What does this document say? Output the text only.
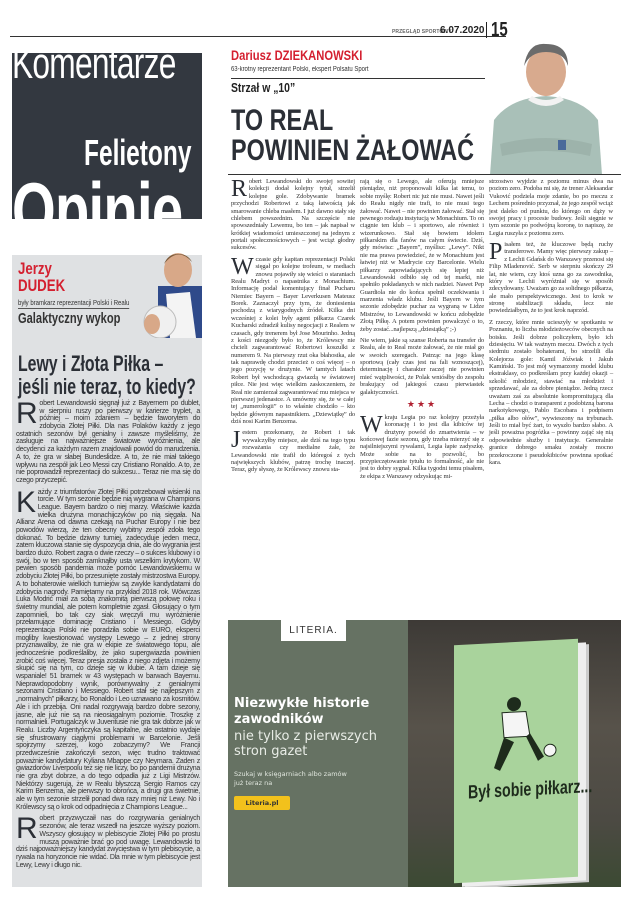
PRZEGLĄD SPORTOWY
6.07.2020 15
Komentarze
Felietony
Opinie
Jerzy
DUDEK
były bramkarz reprezentacji Polski i Realu
Galaktyczny wykop
Lewy i Złota Piłka – jeśli nie teraz, to kiedy?

Robert Lewandowski sięgnął już z Bayernem po dublet, w sierpniu ruszy po pierwszy w karierze tryplet, a później – moim zdaniem – będzie faworytem do zdobycia Złotej Piłki. Dla nas Polaków każdy z jego ostatnich sezonów był genialny i zawsze myśleliśmy, że zasługuje na najważniejsze światowe wyróżnienia, ale decydenci za każdym razem znajdowali powód do marudzenia. A to, że gra w słabej Bundeslidze. A to, że nie miał takiego wpływu na zespół jak Leo Messi czy Cristiano Ronaldo. A to, że nie poprowadził reprezentacji do sukcesu... Teraz nie ma się do czego przyczepić.

Każdy z triumfatorów Złotej Piłki potrzebował wisienki na torcie. W tym sezonie będzie nią wygrana w Champions League. Bayern bardzo o niej marzy. Właściwie każda wielka drużyna monachijczyków po nią sięgała. Na Allianz Arena od dawna czekają na Puchar Europy i nie bez powodów wierzą, że ten obecny wybitny zespół zdoła tego dokonać. To będzie dziwny turniej, zadecyduje jeden mecz, zatem kluczowa stanie się dyspozycja dnia, ale do wygrania jest bardzo dużo. Robert zagra o dwie rzeczy – o sukces klubowy i o swój, bo w ten sposób zamknąłby usta wszelkim krytykom. W pewien sposób pandemia może pomóc Lewandowskiemu w zdobyciu Złotej Piłki, bo przesunięte zostały mistrzostwa Europy. A to bohaterowie wielkich turniejów są zwykle kandydatami do zdobycia nagrody. Pamiętamy na przykład 2018 rok. Wówczas Luka Modrić miał za sobą znakomitą pierwszą połowę roku i świetny mundial, ale potem kompletnie zgasł. Głosujący o tym zapomnieli, bo tak czy siak wręczyli mu wyróżnienie przełamujące dominację Cristiano i Messiego. Gdyby reprezentacja Polski nie poradziła sobie w EURO, eksperci mogliby kwestionować występy Lewego – z jednej strony przyznawaliby, że nie gra w ekipie ze światowego topu, ale jednocześnie podkreślaliby, że jako supergwiazda powinien zrobić coś więcej. Teraz presja została z niego zdjęta i możemy skupić się na tym, co dzieje się w klubie. A tam dzieje się wspaniale! 51 bramek w 43 występach w barwach Bayernu. Nieprawdopodobny wynik, porównywalny z genialnymi sezonami Cristiano i Messiego. Robert stał się najlepszym z „normalnych” piłkarzy, bo Ronaldo i Leo uznawano za kosmitów. Ale i ich przebija. Oni nadal rozgrywają bardzo dobre sezony, jasne, ale już nie są na nieosiągalnym poziomie. Troszkę z normalnieli. Portugalczyk w Juventusie nie gra tak dobrze jak w Realu. Liczby Argentyńczyka są kapitalne, ale ostatnio wydaje się sfrustrowany ciągłymi problemami w Barcelonie. Jeśli spojrzymy szerzej, kogo zobaczymy? We Francji przedwcześnie zakończyli sezon, więc trudno traktować poważnie kandydatury Kyliana Mbappe czy Neymara. Żaden z gwiazdorów Liverpoolu też się nie liczy, bo po pandemii drużyna nie gra zbyt dobrze, a do tego odpadła już z Ligi Mistrzów. Niektórzy sugerują, że w Realu błyszczą Sergio Ramos czy Karim Benzema, ale pierwszy to obrońca, a drugi gra świetnie, ale w tym sezonie strzelił ponad dwa razy mniej niż Lewy. No i Królewscy są o krok od odpadnięcia z Champions League...

Robert przyzwyczaił nas do rozgrywania genialnych sezonów, ale teraz wszedł na jeszcze wyższy poziom. Wszyscy głosujący w plebiscycie Złotej Piłki po prostu muszą poważnie brać go pod uwagę. Lewandowski to dziś najpoważniejszy kandydat zwycięstwa w tym plebiscycie, a rywala na horyzoncie nie widać. Dla mnie w tym plebiscycie jest Lewy, Lewy i długo nic.

Dariusz DZIEKANOWSKI
63-krotny reprezentant Polski, ekspert Polsatu Sport
Strzał w „10”
TO REAL
POWINIEN ŻAŁOWAĆ

Robert Lewandowski do swojej sowitej kolekcji dodał kolejny tytuł, strzelił kolejne gole. Zdobywanie bramek przychodzi Robertowi z taką łatwością jak smarowanie chleba masłem. I już dawno stały się chlebem powszednim. Na szczęście nie spowszedniały Lewemu, bo ten – jak napisał w krótkiej wiadomości umieszczonej na jednym z portali społecznościowych – jest wciąż głodny sukcesów.

Wczasie gdy kapitan reprezentacji Polski sięgał po kolejne trofeum, w mediach znowu pojawiły się wieści o staraniach Realu Madryt o napastnika z Monachium. Informację podał komentujący finał Pucharu Niemiec Bayern – Bayer Leverkusen Mateusz Borek. Zaznaczył przy tym, że doniesienia pochodzą z wiarygodnych źródeł. Kilka dni wcześniej z kolei były agent piłkarza Czarek Kucharski zdradził kulisy negocjacji z Realem w czasach, gdy trenerem był Jose Mourinho. Jedną z kości niezgody było to, że Królewscy nie chcieli zagwarantować Robertowi koszulki z numerem 9. Na pierwszy rzut oka błahostka, ale tak naprawdę chodzi przecież o coś więcej – o jego pozycję w drużynie. W tamtych latach Robert był wschodzącą gwiazdą w światowej piłce. Nie jest więc wielkim zaskoczeniem, że Real nie zamierzał zagwarantować mu miejsca w pierwszej jedenastce. A umówmy się, że w całej tej „numerologii” o to właśnie chodziło – kto będzie głównym napastnikiem. „Dziewiątkę” do dziś nosi Karim Benzema.

Jestem przekonany, że Robert i tak wywalczyłby miejsce, ale dziś na tego typu rozważania czy medialne żale, że Lewandowski nie trafił do któregoś z tych największych klubów, patrzę trochę inaczej. Teraz, gdy słyszę, że Królewscy znowu sta-

rają się o Lewego, ale oferują mniejsze pieniądze, niż proponowali kilka lat temu, to sobie myślę: Robert nic już nie musi. Nawet jeśli do Realu nigdy nie trafi, to nie musi tego żałować. Nawet – nie powinien żałować. Stał się pewnego rodzaju instytucją w Monachium. To on ciągnie ten klub – i sportowo, ale również i wizerunkowo. Stał się bowiem idolem piłkarskim dla fanów na całym świecie. Dziś, gdy mówisz: „Bayern”, myślisz: „Lewy”. Nikt nie ma prawa powiedzieć, że w Monachium jest łatwiej niż w Madrycie czy Barcelonie. Wielu piłkarzy zapowiadających się lepiej niż Lewandowski odbiło się od tej marki, nie spełniło pokładanych w nich nadziei. Nawet Pep Guardiola nie do końca spełnił oczekiwania i marzenia władz klubu. Jeśli Bayern w tym sezonie zdobędzie puchar za wygraną w Lidze Mistrzów, to Lewandowski w końcu zdobędzie Złotą Piłkę. A potem powinien powalczyć o to, żeby zostać...najlepszą „dziesiątką” ;-)

Nie wiem, jakie są szanse Roberta na transfer do Realu, ale to Real może żałować, że nie miał go w swoich szeregach. Patrząc na jego klasę sportową (cały czas jest na fali wznoszącej), determinację i charakter raczej nie powinien mieć wątpliwości, że Polak wniósłby do zespołu brakujący od jakiegoś czasu pierwiastek galaktyczności.

★★★

Wkraju Legia po raz kolejny przeżyła koronację i to jest dla kibiców tej drużyny powód do zmartwienia – w końcowej fazie sezonu, gdy trzeba mierzyć się z najsilniejszymi rywalami, Legia łapie zadyszkę. Może sobie na to pozwolić, bo przypieczętowanie tytułu to formalność, ale nie jest to dobry sygnał. Kilka tygodni temu pisałem, że ekipa z Warszawy odzyskując mi-

strzostwo wyjdzie z poziomu minus dwa na poziom zero. Podoba mi się, że trener Aleksandar Vuković podziela moje zdanie, bo po meczu z Lechem pośrednio przyznał, że jego zespół wciąż jest daleko od punktu, do którego on dąży w swojej pracy i procesie budowy. Jeśli sięgnie w tym sezonie po podwójną koronę, to napiszę, że Legia ruszyła z poziomu zero.

Pisałem też, że kluczowe będą ruchy transferowe. Mamy więc pierwszy zakup – z Lechii Gdańsk do Warszawy przenosi się Filip Mladenović. Serb w sierpniu skończy 29 lat, nie wiem, czy ktoś uzna go za zawodnika, który w Lechii wyróżniał się w sposób zdecydowany. Uważam go za solidnego piłkarza, ale mało perspektywicznego. Jest to krok w stronę stabilizacji składu, lecz nie powiedziałbym, że to jest krok naprzód.

Z rzeczy, które mnie ucieszyły w spotkaniu w Poznaniu, to liczba młodzieżowców obecnych na boisku. Jeśli dobrze policzyłem, było ich dziesięciu. W tak ważnym meczu. Dwóch z tych siedmiu zostało bohaterami, bo strzelili dla Kolejorza gole: Kamil Jóźwiak i Jakub Kamiński. To jest mój wymarzony model klubu ekstraklasy, co podkreślam przy każdej okazji – szkolić młodzież, stawiać na młodzież i sprzedawać, ale za dobre pieniądze. Jedną rzecz uważam zaś za absolutnie kompromitującą dla Lecha – chodzi o transparent z podobizną barona narkotykowego, Pablo Escobara i podpisem „piłka albo ołów”, wywieszony na trybunach. Jeśli to miał być żart, to wyszło bardzo słabo. A jeśli poważna pogróżka – powinny zająć się nią odpowiednie służby i instytucje. Generalnie granice dobrego smaku zostały mocno przekroczone i pseudokibiców powinna spotkać kara.

LITERIA.
Niezwykłe historie zawodników
nie tylko z pierwszych stron gazet
Szukaj w księgarniach albo zamów już teraz na
Literia.pl	Był sobie piłkarz...
